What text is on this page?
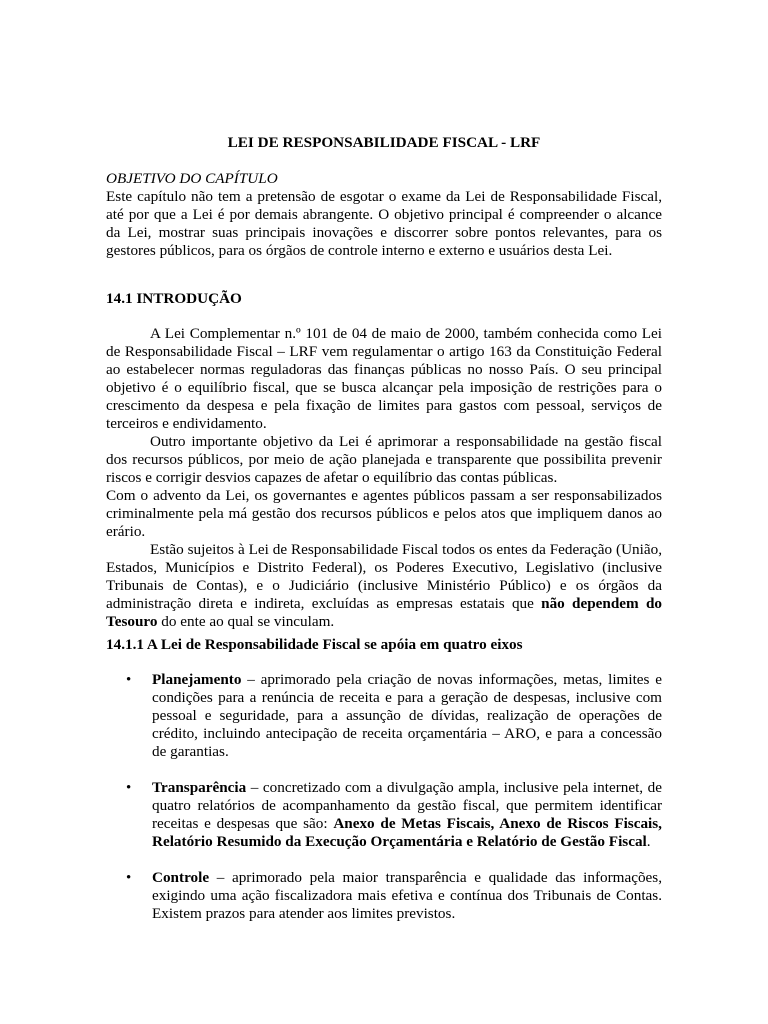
LEI DE RESPONSABILIDADE FISCAL - LRF

OBJETIVO DO CAPÍTULO

Este capítulo não tem a pretensão de esgotar o exame da Lei de Responsabilidade Fiscal, até por que a Lei é por demais abrangente. O objetivo principal é compreender o alcance da Lei, mostrar suas principais inovações e discorrer sobre pontos relevantes, para os gestores públicos, para os órgãos de controle interno e externo e usuários desta Lei.

14.1 INTRODUÇÃO

A Lei Complementar n.º 101 de 04 de maio de 2000, também conhecida como Lei de Responsabilidade Fiscal – LRF vem regulamentar o artigo 163 da Constituição Federal ao estabelecer normas reguladoras das finanças públicas no nosso País. O seu principal objetivo é o equilíbrio fiscal, que se busca alcançar pela imposição de restrições para o crescimento da despesa e pela fixação de limites para gastos com pessoal, serviços de terceiros e endividamento.

Outro importante objetivo da Lei é aprimorar a responsabilidade na gestão fiscal dos recursos públicos, por meio de ação planejada e transparente que possibilita prevenir riscos e corrigir desvios capazes de afetar o equilíbrio das contas públicas.

Com o advento da Lei, os governantes e agentes públicos passam a ser responsabilizados criminalmente pela má gestão dos recursos públicos e pelos atos que impliquem danos ao erário.

Estão sujeitos à Lei de Responsabilidade Fiscal todos os entes da Federação (União, Estados, Municípios e Distrito Federal), os Poderes Executivo, Legislativo (inclusive Tribunais de Contas), e o Judiciário (inclusive Ministério Público) e os órgãos da administração direta e indireta, excluídas as empresas estatais que não dependem do Tesouro do ente ao qual se vinculam.

14.1.1 A Lei de Responsabilidade Fiscal se apóia em quatro eixos
• Planejamento – aprimorado pela criação de novas informações, metas, limites e condições para a renúncia de receita e para a geração de despesas, inclusive com pessoal e seguridade, para a assunção de dívidas, realização de operações de crédito, incluindo antecipação de receita orçamentária – ARO, e para a concessão de garantias.
• Transparência – concretizado com a divulgação ampla, inclusive pela internet, de quatro relatórios de acompanhamento da gestão fiscal, que permitem identificar receitas e despesas que são: Anexo de Metas Fiscais, Anexo de Riscos Fiscais, Relatório Resumido da Execução Orçamentária e Relatório de Gestão Fiscal.
• Controle – aprimorado pela maior transparência e qualidade das informações, exigindo uma ação fiscalizadora mais efetiva e contínua dos Tribunais de Contas. Existem prazos para atender aos limites previstos.
